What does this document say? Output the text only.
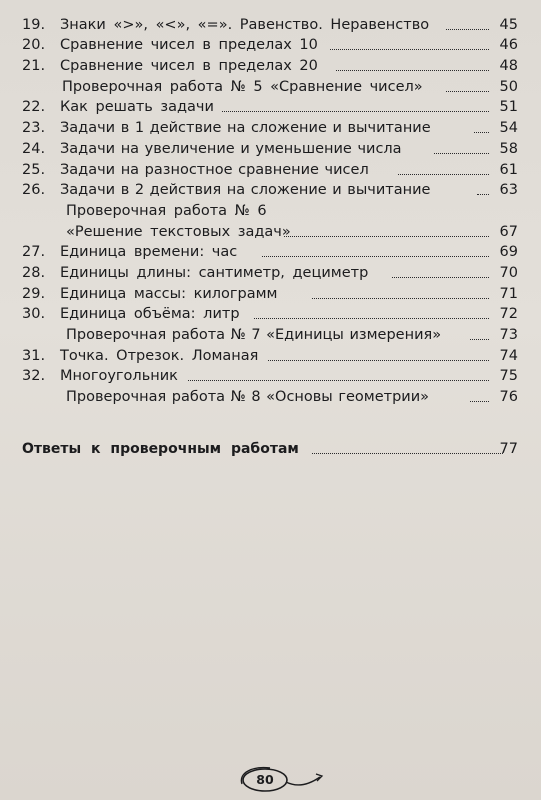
19.	Знаки «>», «<», «=». Равенство. Неравенство	45
20.	Сравнение чисел в пределах 10	46
21.	Сравнение чисел в пределах 20	48
Проверочная работа № 5 «Сравнение чисел»	50
22.	Как решать задачи	51
23.	Задачи в 1 действие на сложение и вычитание	54
24.	Задачи на увеличение и уменьшение числа	58
25.	Задачи на разностное сравнение чисел	61
26.	Задачи в 2 действия на сложение и вычитание	63
Проверочная работа № 6
«Решение текстовых задач»	67
27.	Единица времени: час	69
28.	Единицы длины: сантиметр, дециметр	70
29.	Единица массы: килограмм	71
30.	Единица объёма: литр	72
Проверочная работа № 7 «Единицы измерения»	73
31.	Точка. Отрезок. Ломаная	74
32.	Многоугольник	75
Проверочная работа № 8 «Основы геометрии»	76
Ответы к проверочным работам	77
80
